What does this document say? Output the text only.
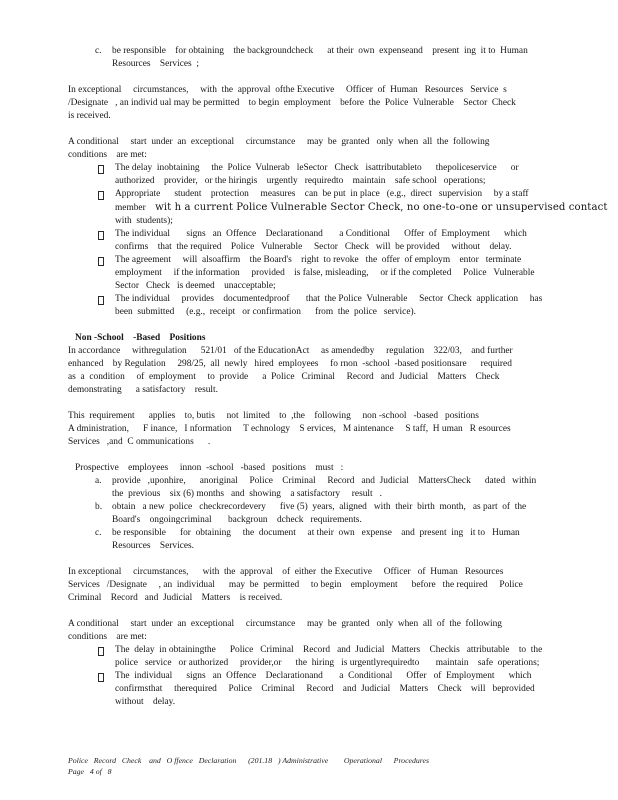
c. be responsible    for obtaining    the backgroundcheck      at their  own  expenseand    present  ing  it to  Human
Resources    Services  ;
In exceptional     circumstances,     with  the  approval  ofthe Executive     Officer  of  Human   Resources   Service  s
/Designate   , an individ ual may be permitted    to begin  employment    before  the  Police  Vulnerable    Sector  Check
is received.
A conditional     start  under  an  exceptional     circumstance     may  be  granted   only  when  all  the  following
conditions    are met:
The delay  inobtaining     the  Police  Vulnerab   leSector   Check   isattributableto      thepoliceservice      or
authorized    provider,   or the hiringis    urgently   requiredto    maintain    safe school   operations;
Appropriate      student    protection     measures    can  be put  in place   (e.g.,  direct   supervision     by a staff
member    wit h a current Police Vulnerable Sector Check, no one-to-one or unsupervised contact
with  students);
The individual       signs   an  Offence    Declarationand       a Conditional      Offer  of  Employment      which
confirms    that  the required    Police   Vulnerable     Sector   Check   will  be provided     without    delay.
The agreement     will  alsoaffirm    the Board's    right  to revoke   the  offer  of employm    entor   terminate
employment     if the information     provided    is false, misleading,     or if the completed     Police   Vulnerable
Sector   Check   is deemed    unacceptable;
The individual     provides    documentedproof       that  the Police  Vulnerable     Sector  Check  application     has
been  submitted     (e.g.,  receipt   or confirmation      from  the  police   service).
Non -School    -Based    Positions
In accordance     withregulation      521/01   of the EducationAct     as amendedby     regulation    322/03,    and further
enhanced    by Regulation     298/25,  all  newly   hired  employees     fo rnon  -school  -based positionsare      required
as  a  condition     of  employment     to  provide      a  Police   Criminal     Record   and  Judicial    Matters    Check
demonstrating      a satisfactory    result.
This  requirement      applies    to, butis     not  limited    to  ,the    following     non -school   -based   positions
A dministration,      F inance,   I nformation     T echnology    S ervices,   M aintenance     S taff,  H uman   R esources
Services   ,and  C ommunications      .
Prospective    employees     innon  -school   -based   positions    must   :
a. provide   ,uponhire,      anoriginal     Police    Criminal     Record   and  Judicial    MattersCheck      dated   within
the  previous    six (6) months   and  showing    a satisfactory     result   .
b. obtain   a new  police   checkrecordevery      five (5)  years,  aligned   with  their  birth  month,   as part  of  the
Board's    ongoingcriminal       backgroun    dcheck   requirements.
c. be responsible      for  obtaining     the  document     at their  own   expense    and  present  ing   it to   Human
Resources    Services.
In exceptional     circumstances,      with  the  approval    of  either  the Executive     Officer   of  Human   Resources
Services   /Designate     , an  individual      may  be  permitted     to begin    employment      before   the required     Police
Criminal    Record   and  Judicial    Matters    is received.
A conditional     start  under  an  exceptional     circumstance     may  be  granted   only  when  all  of  the  following
conditions    are met:
The  delay  in obtainingthe      Police   Criminal    Record   and  Judicial   Matters    Checkis   attributable    to  the
police   service   or authorized     provider,or      the  hiring   is urgentlyrequiredto       maintain    safe  operations;
The  individual      signs   an  Offence    Declarationand       a  Conditional      Offer   of  Employment      which
confirmsthat     therequired     Police    Criminal     Record    and  Judicial    Matters    Check    will   beprovided
without    delay.
Police   Record   Check    and   O ffence   Declaration      (201.18   ) Administrative        Operational      Procedures
Page   4 of   8
